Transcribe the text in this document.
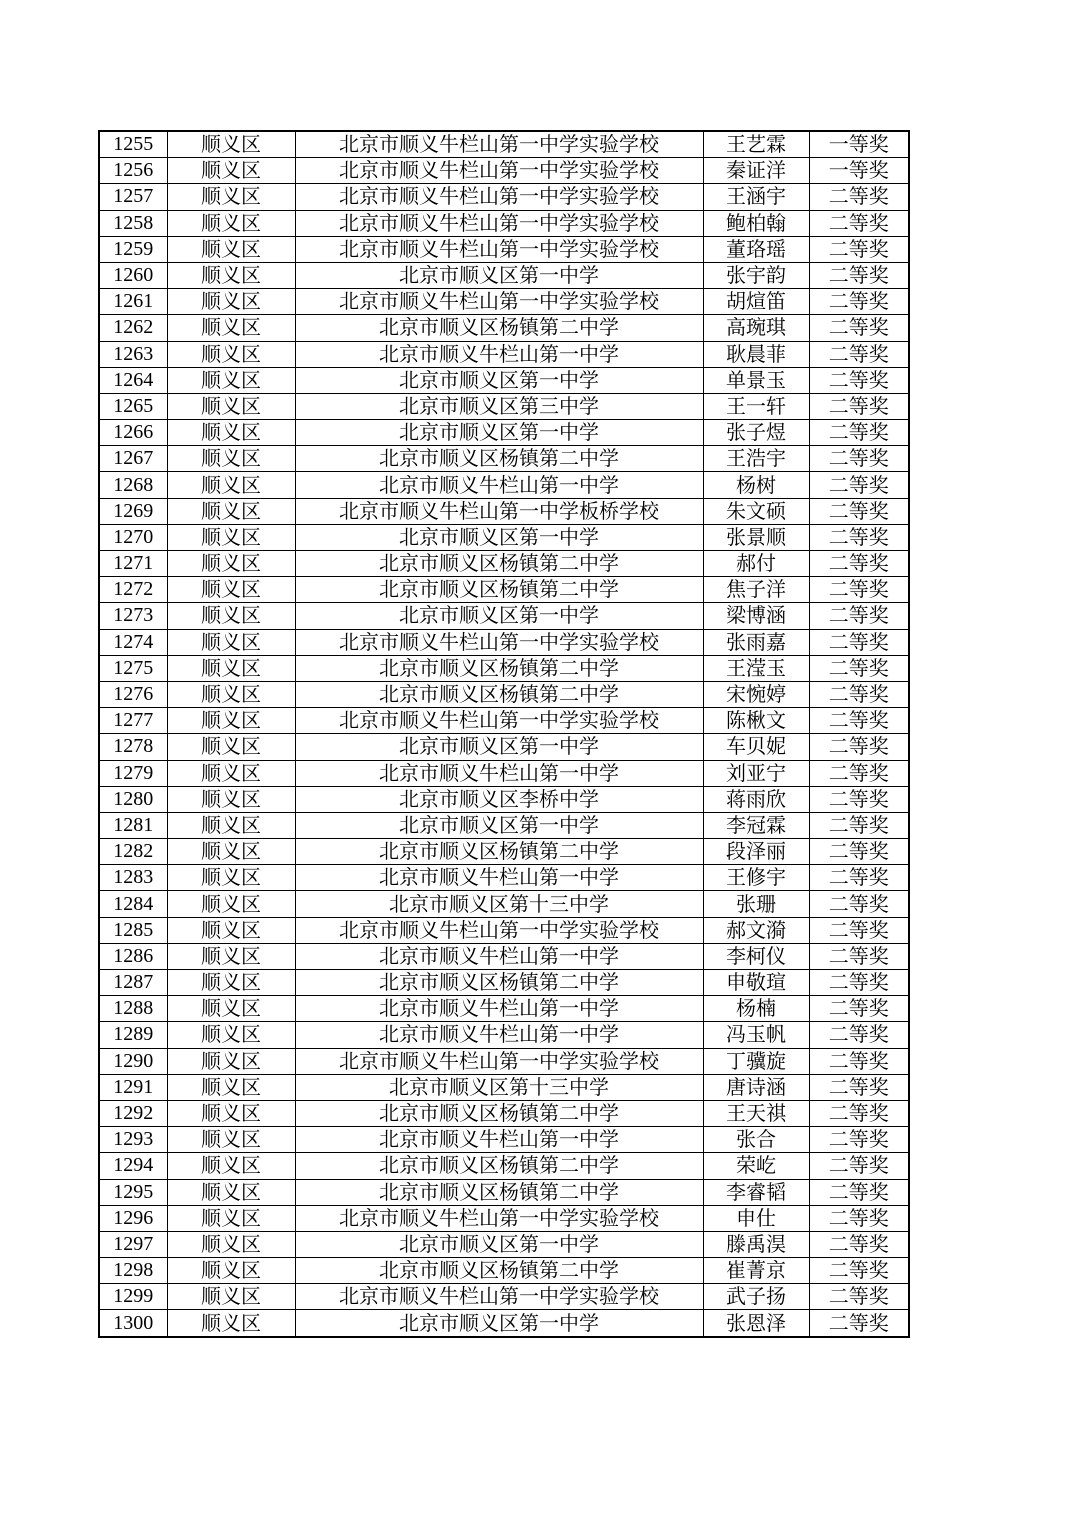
1255	顺义区	北京市顺义牛栏山第一中学实验学校	王艺霖	一等奖
1256	顺义区	北京市顺义牛栏山第一中学实验学校	秦证洋	一等奖
1257	顺义区	北京市顺义牛栏山第一中学实验学校	王涵宇	二等奖
1258	顺义区	北京市顺义牛栏山第一中学实验学校	鲍柏翰	二等奖
1259	顺义区	北京市顺义牛栏山第一中学实验学校	董珞瑶	二等奖
1260	顺义区	北京市顺义区第一中学	张宇韵	二等奖
1261	顺义区	北京市顺义牛栏山第一中学实验学校	胡煊笛	二等奖
1262	顺义区	北京市顺义区杨镇第二中学	高琬琪	二等奖
1263	顺义区	北京市顺义牛栏山第一中学	耿晨菲	二等奖
1264	顺义区	北京市顺义区第一中学	单景玉	二等奖
1265	顺义区	北京市顺义区第三中学	王一轩	二等奖
1266	顺义区	北京市顺义区第一中学	张子煜	二等奖
1267	顺义区	北京市顺义区杨镇第二中学	王浩宇	二等奖
1268	顺义区	北京市顺义牛栏山第一中学	杨树	二等奖
1269	顺义区	北京市顺义牛栏山第一中学板桥学校	朱文硕	二等奖
1270	顺义区	北京市顺义区第一中学	张景顺	二等奖
1271	顺义区	北京市顺义区杨镇第二中学	郝付	二等奖
1272	顺义区	北京市顺义区杨镇第二中学	焦子洋	二等奖
1273	顺义区	北京市顺义区第一中学	梁博涵	二等奖
1274	顺义区	北京市顺义牛栏山第一中学实验学校	张雨嘉	二等奖
1275	顺义区	北京市顺义区杨镇第二中学	王滢玉	二等奖
1276	顺义区	北京市顺义区杨镇第二中学	宋惋婷	二等奖
1277	顺义区	北京市顺义牛栏山第一中学实验学校	陈楸文	二等奖
1278	顺义区	北京市顺义区第一中学	车贝妮	二等奖
1279	顺义区	北京市顺义牛栏山第一中学	刘亚宁	二等奖
1280	顺义区	北京市顺义区李桥中学	蒋雨欣	二等奖
1281	顺义区	北京市顺义区第一中学	李冠霖	二等奖
1282	顺义区	北京市顺义区杨镇第二中学	段泽丽	二等奖
1283	顺义区	北京市顺义牛栏山第一中学	王修宇	二等奖
1284	顺义区	北京市顺义区第十三中学	张珊	二等奖
1285	顺义区	北京市顺义牛栏山第一中学实验学校	郝文漪	二等奖
1286	顺义区	北京市顺义牛栏山第一中学	李柯仪	二等奖
1287	顺义区	北京市顺义区杨镇第二中学	申敬瑄	二等奖
1288	顺义区	北京市顺义牛栏山第一中学	杨楠	二等奖
1289	顺义区	北京市顺义牛栏山第一中学	冯玉帆	二等奖
1290	顺义区	北京市顺义牛栏山第一中学实验学校	丁骥旋	二等奖
1291	顺义区	北京市顺义区第十三中学	唐诗涵	二等奖
1292	顺义区	北京市顺义区杨镇第二中学	王天祺	二等奖
1293	顺义区	北京市顺义牛栏山第一中学	张合	二等奖
1294	顺义区	北京市顺义区杨镇第二中学	荣屹	二等奖
1295	顺义区	北京市顺义区杨镇第二中学	李睿韬	二等奖
1296	顺义区	北京市顺义牛栏山第一中学实验学校	申仕	二等奖
1297	顺义区	北京市顺义区第一中学	滕禹淏	二等奖
1298	顺义区	北京市顺义区杨镇第二中学	崔菁京	二等奖
1299	顺义区	北京市顺义牛栏山第一中学实验学校	武子扬	二等奖
1300	顺义区	北京市顺义区第一中学	张恩泽	二等奖
